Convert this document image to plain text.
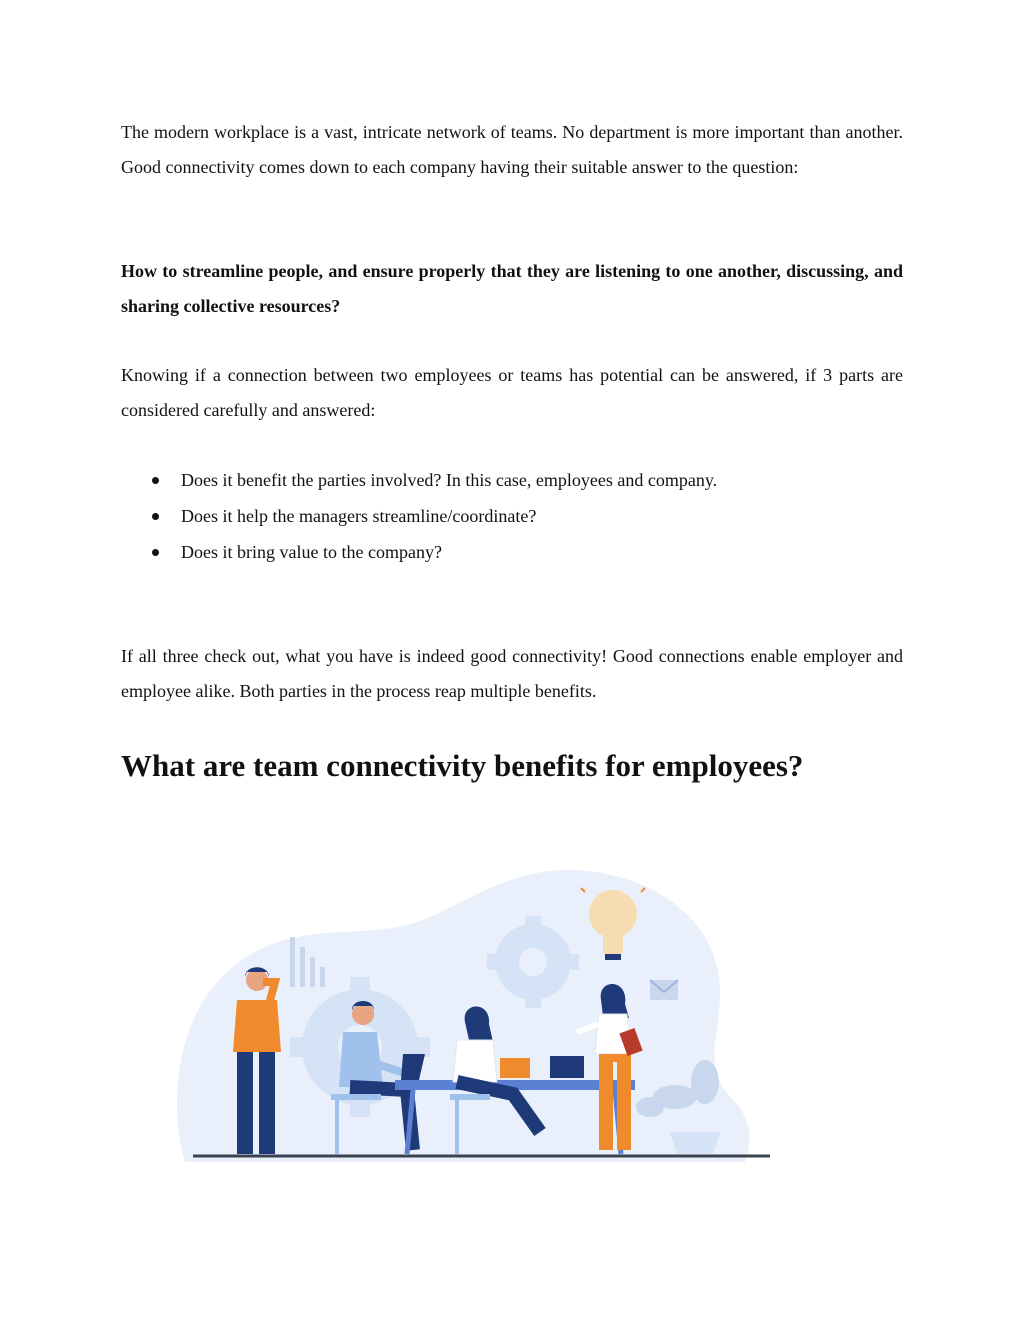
The modern workplace is a vast, intricate network of teams. No department is more important than another. Good connectivity comes down to each company having their suitable answer to the question:

How to streamline people, and ensure properly that they are listening to one another, discussing, and sharing collective resources?

Knowing if a connection between two employees or teams has potential can be answered, if 3 parts are considered carefully and answered:

Does it benefit the parties involved? In this case, employees and company.
Does it help the managers streamline/coordinate?
Does it bring value to the company?

If all three check out, what you have is indeed good connectivity! Good connections enable employer and employee alike. Both parties in the process reap multiple benefits.

What are team connectivity benefits for employees?
